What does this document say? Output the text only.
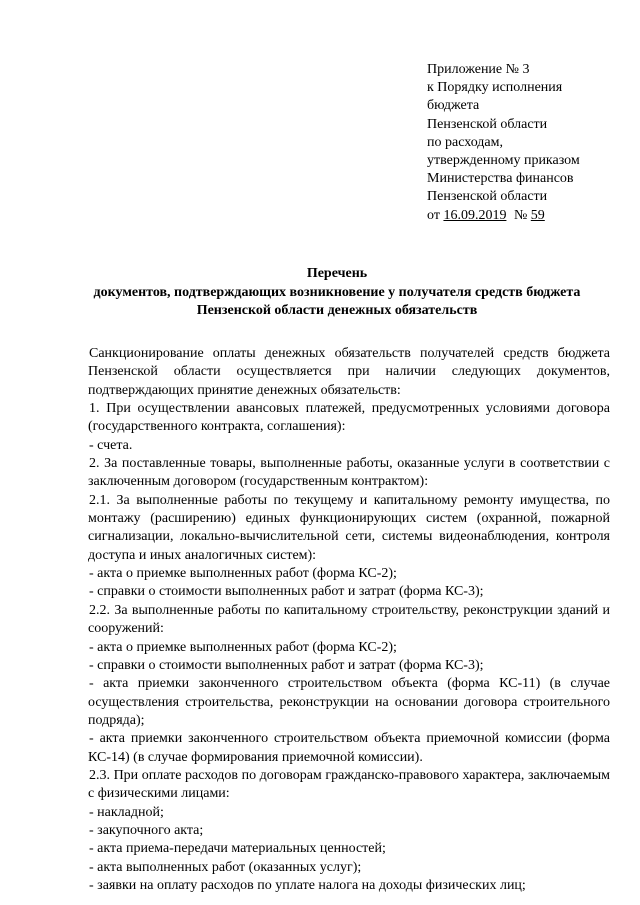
Приложение № 3
к Порядку исполнения
бюджета
Пензенской области
по расходам,
утвержденному приказом
Министерства финансов
Пензенской области
от 16.09.2019 № 59
Перечень
документов, подтверждающих возникновение у получателя средств бюджета
Пензенской области денежных обязательств

Санкционирование оплаты денежных обязательств получателей средств бюджета Пензенской области осуществляется при наличии следующих документов, подтверждающих принятие денежных обязательств:

1. При осуществлении авансовых платежей, предусмотренных условиями договора (государственного контракта, соглашения):

- счета.

2. За поставленные товары, выполненные работы, оказанные услуги в соответствии с заключенным договором (государственным контрактом):

2.1. За выполненные работы по текущему и капитальному ремонту имущества, по монтажу (расширению) единых функционирующих систем (охранной, пожарной сигнализации, локально-вычислительной сети, системы видеонаблюдения, контроля доступа и иных аналогичных систем):

- акта о приемке выполненных работ (форма КС-2);

- справки о стоимости выполненных работ и затрат (форма КС-3);

2.2. За выполненные работы по капитальному строительству, реконструкции зданий и сооружений:

- акта о приемке выполненных работ (форма КС-2);

- справки о стоимости выполненных работ и затрат (форма КС-3);

- акта приемки законченного строительством объекта (форма КС-11) (в случае осуществления строительства, реконструкции на основании договора строительного подряда);

- акта приемки законченного строительством объекта приемочной комиссии (форма КС-14) (в случае формирования приемочной комиссии).

2.3. При оплате расходов по договорам гражданско-правового характера, заключаемым с физическими лицами:

- накладной;

- закупочного акта;

- акта приема-передачи материальных ценностей;

- акта выполненных работ (оказанных услуг);

- заявки на оплату расходов по уплате налога на доходы физических лиц;
